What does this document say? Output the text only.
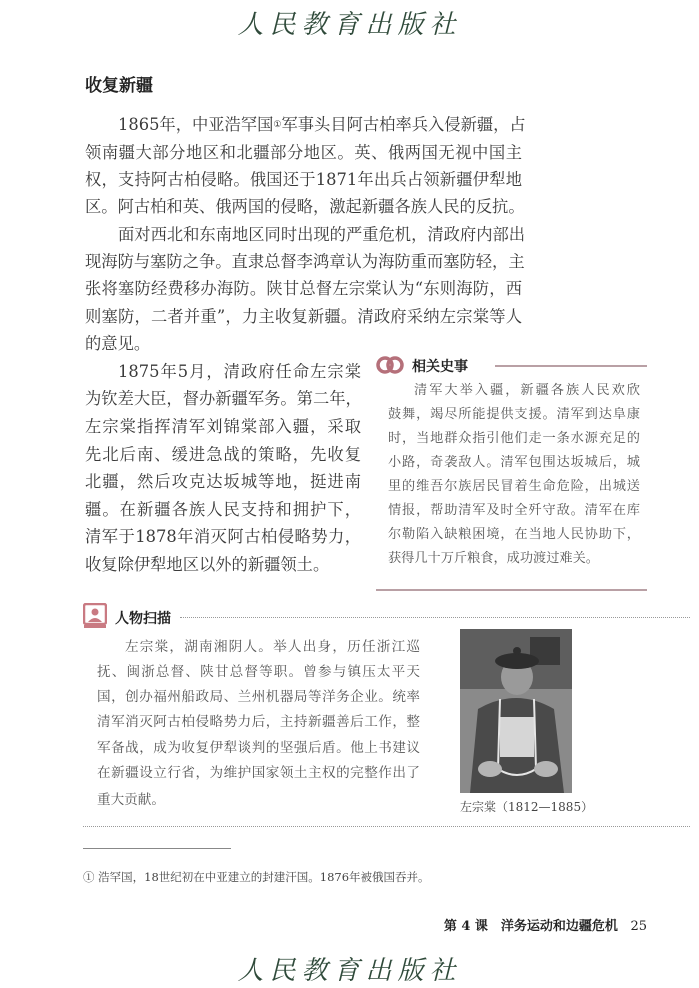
人民教育出版社
收复新疆
1865年，中亚浩罕国①军事头目阿古柏率兵入侵新疆，占
领南疆大部分地区和北疆部分地区。英、俄两国无视中国主
权，支持阿古柏侵略。俄国还于1871年出兵占领新疆伊犁地
区。阿古柏和英、俄两国的侵略，激起新疆各族人民的反抗。
面对西北和东南地区同时出现的严重危机，清政府内部出
现海防与塞防之争。直隶总督李鸿章认为海防重而塞防轻，主
张将塞防经费移办海防。陕甘总督左宗棠认为“东则海防，西
则塞防，二者并重”，力主收复新疆。清政府采纳左宗棠等人
的意见。
1875年5月，清政府任命左宗棠
为钦差大臣，督办新疆军务。第二年，
左宗棠指挥清军刘锦棠部入疆，采取
先北后南、缓进急战的策略，先收复
北疆，然后攻克达坂城等地，挺进南
疆。在新疆各族人民支持和拥护下，
清军于1878年消灭阿古柏侵略势力，
收复除伊犁地区以外的新疆领土。
相关史事
清军大举入疆，新疆各族人民欢欣
鼓舞，竭尽所能提供支援。清军到达阜康
时，当地群众指引他们走一条水源充足的
小路，奇袭敌人。清军包围达坂城后，城
里的维吾尔族居民冒着生命危险，出城送
情报，帮助清军及时全歼守敌。清军在库
尔勒陷入缺粮困境，在当地人民协助下，
获得几十万斤粮食，成功渡过难关。
人物扫描
左宗棠，湖南湘阴人。举人出身，历任浙江巡
抚、闽浙总督、陕甘总督等职。曾参与镇压太平天
国，创办福州船政局、兰州机器局等洋务企业。统率
清军消灭阿古柏侵略势力后，主持新疆善后工作，整
军备战，成为收复伊犁谈判的坚强后盾。他上书建议
在新疆设立行省，为维护国家领土主权的完整作出了
重大贡献。	左宗棠（1812—1885）
① 浩罕国，18世纪初在中亚建立的封建汗国。1876年被俄国吞并。
第 4 课　洋务运动和边疆危机 25
人民教育出版社
